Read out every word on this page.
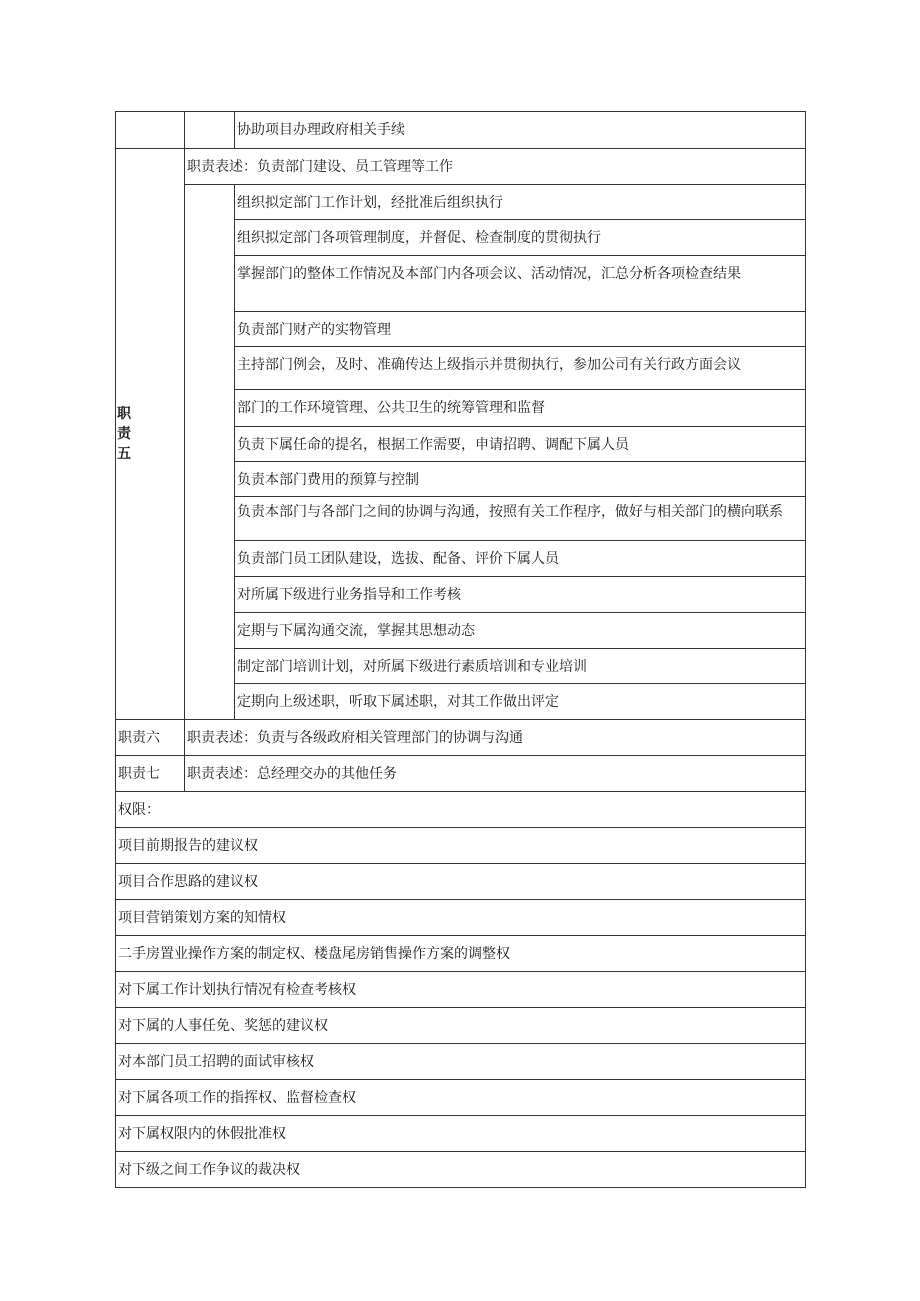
		协助项目办理政府相关手续

职责五	职责表述：负责部门建设、员工管理等工作	

		组织拟定部门工作计划，经批准后组织执行

		组织拟定部门各项管理制度，并督促、检查制度的贯彻执行

		掌握部门的整体工作情况及本部门内各项会议、活动情况，汇总分析各项检查结果

		负责部门财产的实物管理

		主持部门例会，及时、准确传达上级指示并贯彻执行，参加公司有关行政方面会议

		部门的工作环境管理、公共卫生的统筹管理和监督

		负责下属任命的提名，根据工作需要，申请招聘、调配下属人员

		负责本部门费用的预算与控制

		负责本部门与各部门之间的协调与沟通，按照有关工作程序，做好与相关部门的横向联系

		负责部门员工团队建设，选拔、配备、评价下属人员

		对所属下级进行业务指导和工作考核

		定期与下属沟通交流，掌握其思想动态

		制定部门培训计划，对所属下级进行素质培训和专业培训

		定期向上级述职，听取下属述职，对其工作做出评定

职责六	职责表述：负责与各级政府相关管理部门的协调与沟通	

职责七	职责表述：总经理交办的其他任务	

权限：		

项目前期报告的建议权		

项目合作思路的建议权		

项目营销策划方案的知情权		

二手房置业操作方案的制定权、楼盘尾房销售操作方案的调整权		

对下属工作计划执行情况有检查考核权		

对下属的人事任免、奖惩的建议权		

对本部门员工招聘的面试审核权		

对下属各项工作的指挥权、监督检查权		

对下属权限内的休假批准权		

对下级之间工作争议的裁决权		
